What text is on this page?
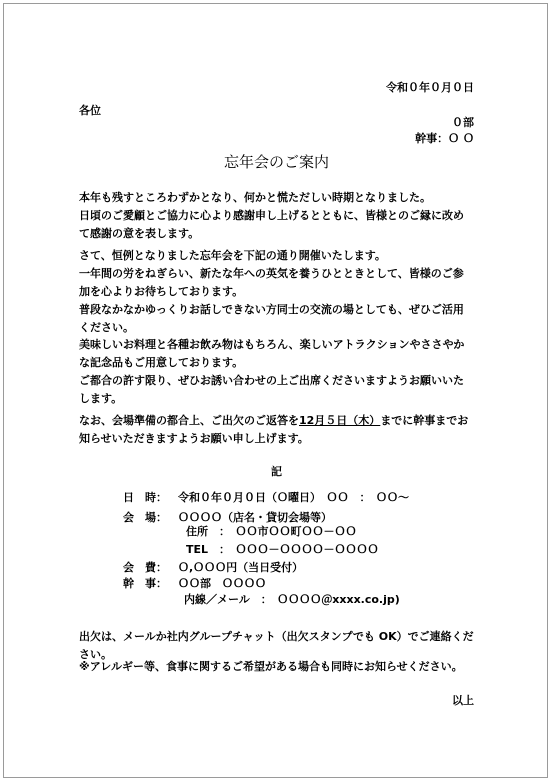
令和０年０月０日
各位
０部
幹事：Ｏ Ｏ
忘年会のご案内
本年も残すところわずかとなり、何かと慌ただしい時期となりました。
日頃のご愛顧とご協力に心より感謝申し上げるとともに、皆様とのご縁に改め
て感謝の意を表します。
さて、恒例となりました忘年会を下記の通り開催いたします。
一年間の労をねぎらい、新たな年への英気を養うひとときとして、皆様のご参
加を心よりお待ちしております。
普段なかなかゆっくりお話しできない方同士の交流の場としても、ぜひご活用
ください。
美味しいお料理と各種お飲み物はもちろん、楽しいアトラクションやささやか
な記念品もご用意しております。
ご都合の許す限り、ぜひお誘い合わせの上ご出席くださいますようお願いいた
します。
なお、会場準備の都合上、ご出欠のご返答を12月５日（木）までに幹事までお
知らせいただきますようお願い申し上げます。
記
日　時： 令和０年０月０日（Ｏ曜日）　ＯＯ　：　ＯＯ～
会　場： ＯＯＯＯ（店名・貸切会場等）
住所　：　ＯＯ市ＯＯ町ＯＯ－ＯＯ
TEL　：　ＯＯＯ－ＯＯＯＯ－ＯＯＯＯ
会　費： Ｏ,ＯＯＯ円（当日受付）
幹　事： ＯＯ部　ＯＯＯＯ
内線／メール　：　ＯＯＯＯ＠xxxx.co.jp)
出欠は、メールか社内グループチャット（出欠スタンプでも OK）でご連絡くだ
さい。
※アレルギー等、食事に関するご希望がある場合も同時にお知らせください。
以上
